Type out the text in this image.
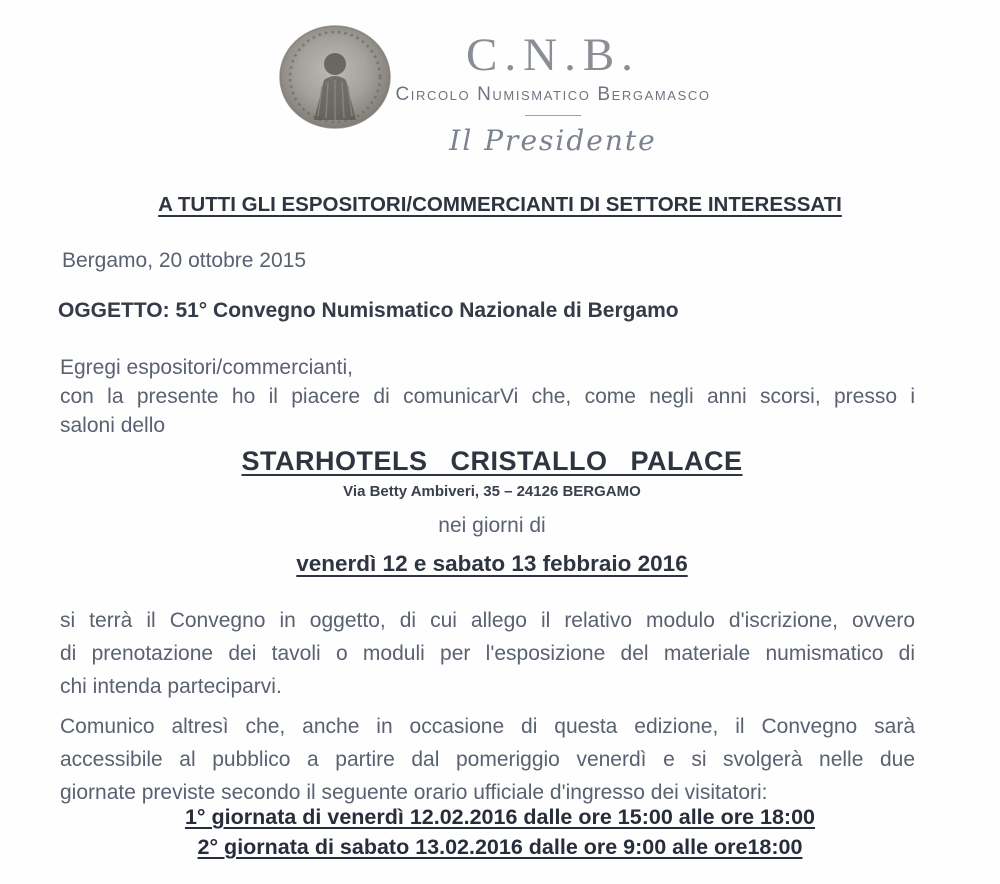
C.N.B.
Circolo Numismatico Bergamasco
Il Presidente
A TUTTI GLI ESPOSITORI/COMMERCIANTI DI SETTORE INTERESSATI
Bergamo, 20 ottobre 2015
OGGETTO: 51° Convegno Numismatico Nazionale di Bergamo
Egregi espositori/commercianti,
con la presente ho il piacere di comunicarVi che, come negli anni scorsi, presso i
saloni dello
STARHOTELS CRISTALLO PALACE
Via Betty Ambiveri, 35 – 24126 BERGAMO
nei giorni di
venerdì 12 e sabato 13 febbraio 2016
si terrà il Convegno in oggetto, di cui allego il relativo modulo d'iscrizione, ovvero
di prenotazione dei tavoli o moduli per l'esposizione del materiale numismatico di
chi intenda parteciparvi.
Comunico altresì che, anche in occasione di questa edizione, il Convegno sarà
accessibile al pubblico a partire dal pomeriggio venerdì e si svolgerà nelle due
giornate previste secondo il seguente orario ufficiale d'ingresso dei visitatori:
1° giornata di venerdì 12.02.2016 dalle ore 15:00 alle ore 18:00
2° giornata di sabato 13.02.2016 dalle ore 9:00 alle ore18:00
